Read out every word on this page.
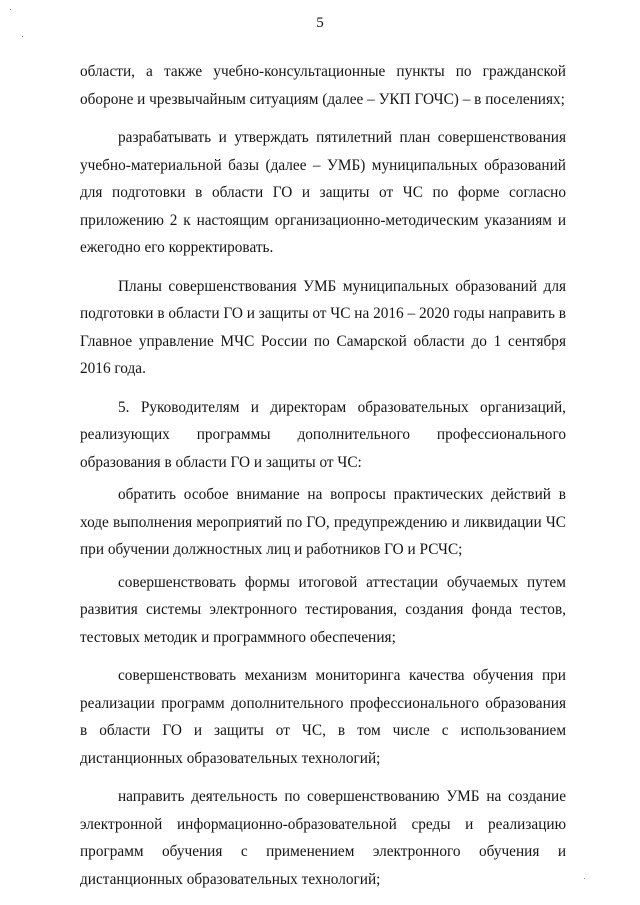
5

области, а также учебно-консультационные пункты по гражданской обороне и чрезвычайным ситуациям (далее – УКП ГОЧС) – в поселениях;

разрабатывать и утверждать пятилетний план совершенствования учебно-материальной базы (далее – УМБ) муниципальных образований для подготовки в области ГО и защиты от ЧС по форме согласно приложению 2 к настоящим организационно-методическим указаниям и ежегодно его корректировать.

Планы совершенствования УМБ муниципальных образований для подготовки в области ГО и защиты от ЧС на 2016 – 2020 годы направить в Главное управление МЧС России по Самарской области до 1 сентября 2016 года.

5. Руководителям и директорам образовательных организаций, реализующих программы дополнительного профессионального образования в области ГО и защиты от ЧС:

обратить особое внимание на вопросы практических действий в ходе выполнения мероприятий по ГО, предупреждению и ликвидации ЧС при обучении должностных лиц и работников ГО и РСЧС;

совершенствовать формы итоговой аттестации обучаемых путем развития системы электронного тестирования, создания фонда тестов, тестовых методик и программного обеспечения;

совершенствовать механизм мониторинга качества обучения при реализации программ дополнительного профессионального образования в области ГО и защиты от ЧС, в том числе с использованием дистанционных образовательных технологий;

направить деятельность по совершенствованию УМБ на создание электронной информационно-образовательной среды и реализацию программ обучения с применением электронного обучения и дистанционных образовательных технологий;
